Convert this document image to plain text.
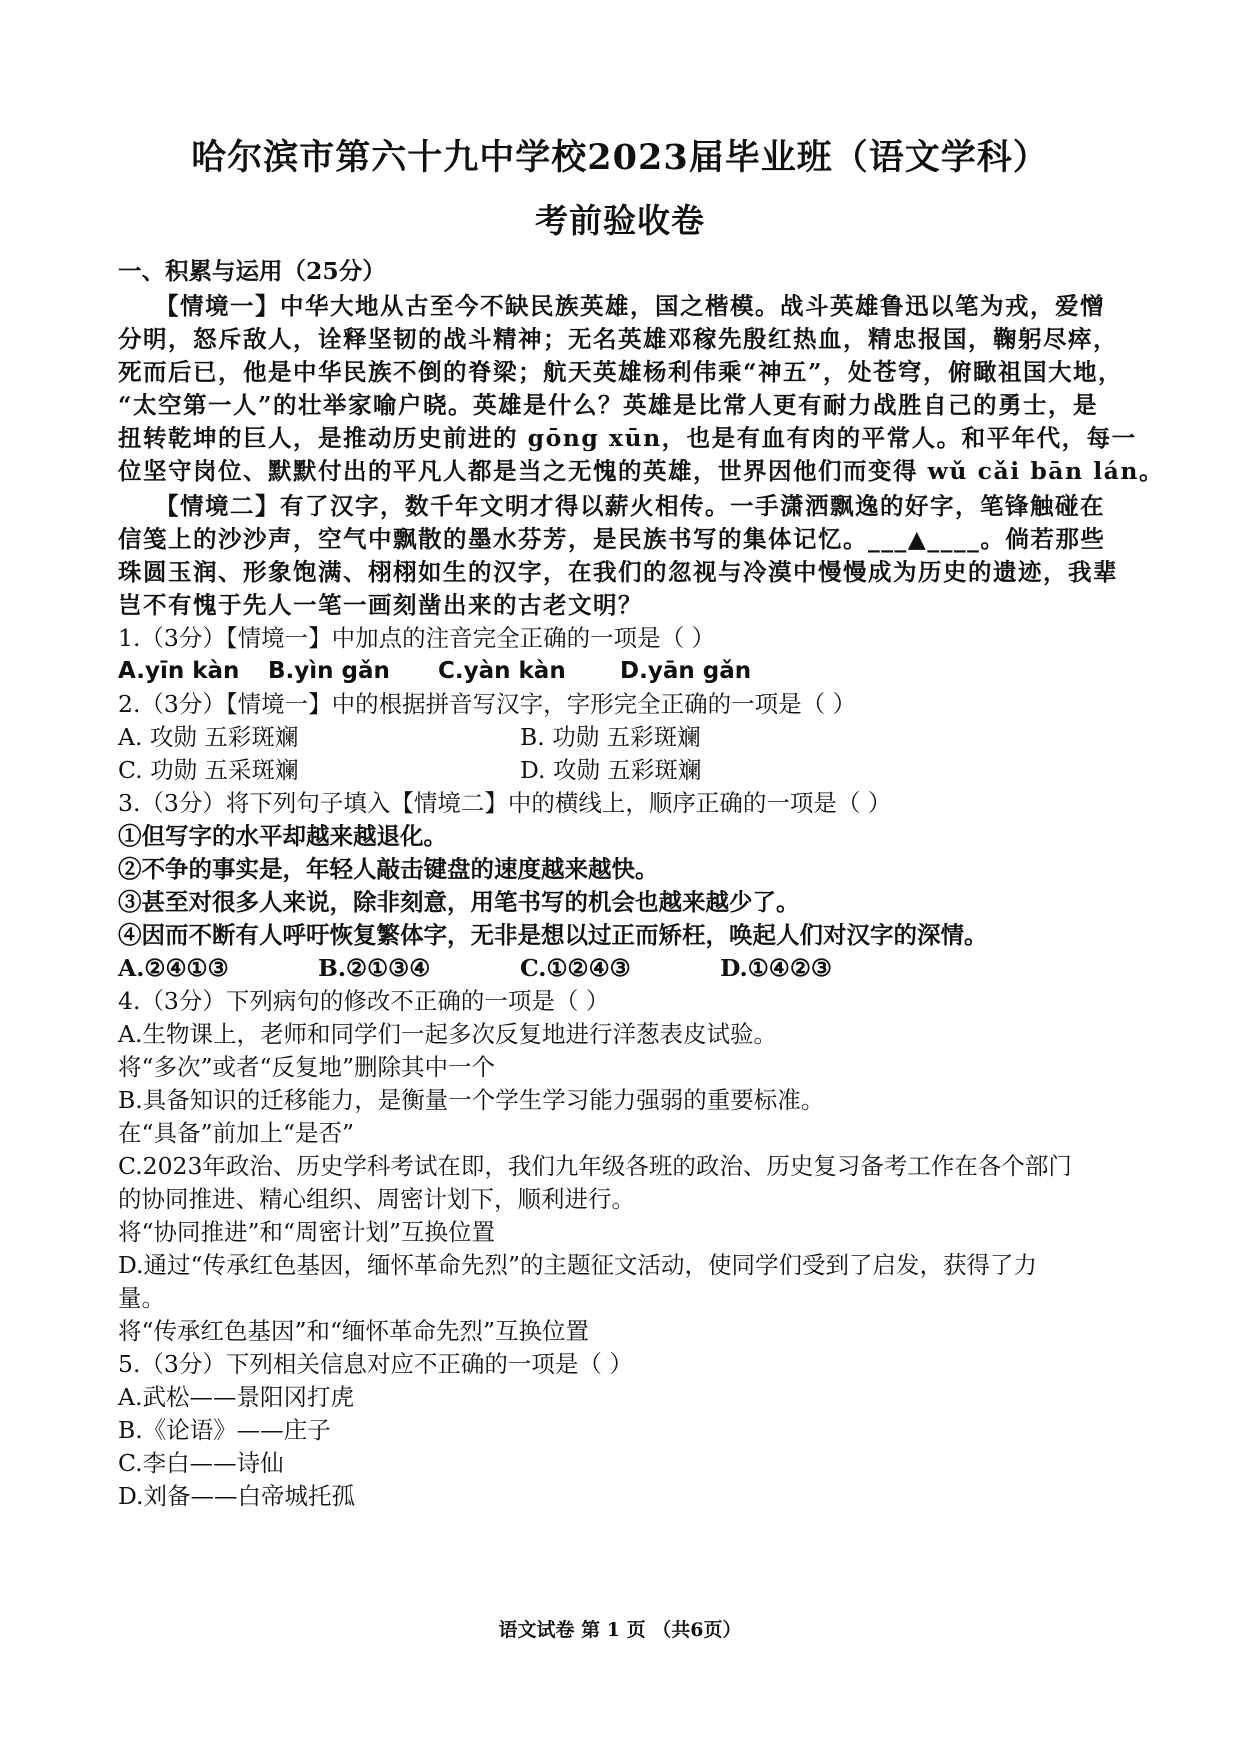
哈尔滨市第六十九中学校2023届毕业班（语文学科）
考前验收卷
一、积累与运用（25分）
【情境一】中华大地从古至今不缺民族英雄，国之楷模。战斗英雄鲁迅以笔为戎，爱憎
分明，怒斥敌人，诠释坚韧的战斗精神；无名英雄邓稼先殷红热血，精忠报国，鞠躬尽瘁，
死而后已，他是中华民族不倒的脊梁；航天英雄杨利伟乘“神五”，处苍穹，俯瞰祖国大地，
“太空第一人”的壮举家喻户晓。英雄是什么？英雄是比常人更有耐力战胜自己的勇士，是
扭转乾坤的巨人，是推动历史前进的 gōng xūn，也是有血有肉的平常人。和平年代，每一
位坚守岗位、默默付出的平凡人都是当之无愧的英雄，世界因他们而变得 wǔ cǎi bān lán。
【情境二】有了汉字，数千年文明才得以薪火相传。一手潇洒飘逸的好字，笔锋触碰在
信笺上的沙沙声，空气中飘散的墨水芬芳，是民族书写的集体记忆。___▲____。倘若那些
珠圆玉润、形象饱满、栩栩如生的汉字，在我们的忽视与冷漠中慢慢成为历史的遗迹，我辈
岂不有愧于先人一笔一画刻凿出来的古老文明？
1.（3分）【情境一】中加点的注音完全正确的一项是（ ）
A.yīn kàn B.yìn gǎn C.yàn kàn D.yān gǎn
2.（3分）【情境一】中的根据拼音写汉字，字形完全正确的一项是（ ）
A. 攻勋 五彩斑斓	B. 功勋 五彩斑斓
C. 功勋 五采斑斓	D. 攻勋 五彩斑斓
3.（3分）将下列句子填入【情境二】中的横线上，顺序正确的一项是（ ）
①但写字的水平却越来越退化。
②不争的事实是，年轻人敲击键盘的速度越来越快。
③甚至对很多人来说，除非刻意，用笔书写的机会也越来越少了。
④因而不断有人呼吁恢复繁体字，无非是想以过正而矫枉，唤起人们对汉字的深情。
A.②④①③	B.②①③④	C.①②④③	D.①④②③
4.（3分）下列病句的修改不正确的一项是（ ）
A.生物课上，老师和同学们一起多次反复地进行洋葱表皮试验。
将“多次”或者“反复地”删除其中一个
B.具备知识的迁移能力，是衡量一个学生学习能力强弱的重要标准。
在“具备”前加上“是否”
C.2023年政治、历史学科考试在即，我们九年级各班的政治、历史复习备考工作在各个部门
的协同推进、精心组织、周密计划下，顺利进行。
将“协同推进”和“周密计划”互换位置
D.通过“传承红色基因，缅怀革命先烈”的主题征文活动，使同学们受到了启发，获得了力
量。
将“传承红色基因”和“缅怀革命先烈”互换位置
5.（3分）下列相关信息对应不正确的一项是（ ）
A.武松——景阳冈打虎
B.《论语》——庄子
C.李白——诗仙
D.刘备——白帝城托孤
语文试卷 第 1 页 （共6页）
